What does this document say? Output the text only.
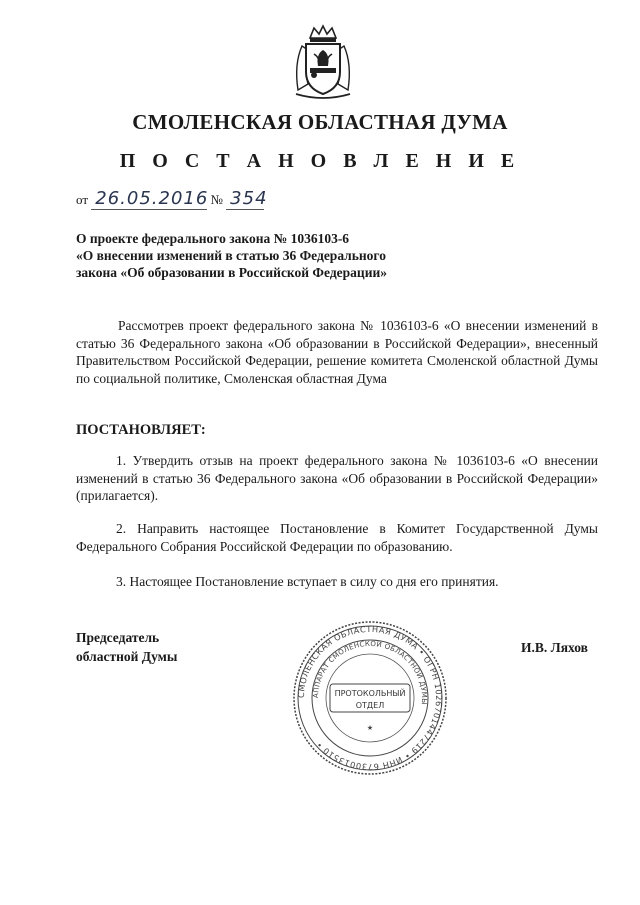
СМОЛЕНСКАЯ ОБЛАСТНАЯ ДУМА
П О С Т А Н О В Л Е Н И Е
от 26.05.2016 № 354
О проекте федерального закона № 1036103-6
«О внесении изменений в статью 36 Федерального
закона «Об образовании в Российской Федерации»
Рассмотрев проект федерального закона № 1036103-6 «О внесении изменений в статью 36 Федерального закона «Об образовании в Российской Федерации», внесенный Правительством Российской Федерации, решение комитета Смоленской областной Думы по социальной политике, Смоленская областная Дума
ПОСТАНОВЛЯЕТ:
1. Утвердить отзыв на проект федерального закона № 1036103-6 «О внесении изменений в статью 36 Федерального закона «Об образовании в Российской Федерации» (прилагается).
2. Направить настоящее Постановление в Комитет Государственной Думы Федерального Собрания Российской Федерации по образованию.
3. Настоящее Постановление вступает в силу со дня его принятия.
Председатель
областной Думы
И.В. Ляхов
СМОЛЕНСКАЯ ОБЛАСТНАЯ ДУМА • ОГРН 1026701447219 • ИНН 6730013510 •
АППАРАТ СМОЛЕНСКОЙ ОБЛАСТНОЙ ДУМЫ
ПРОТОКОЛЬНЫЙ
ОТДЕЛ
★
